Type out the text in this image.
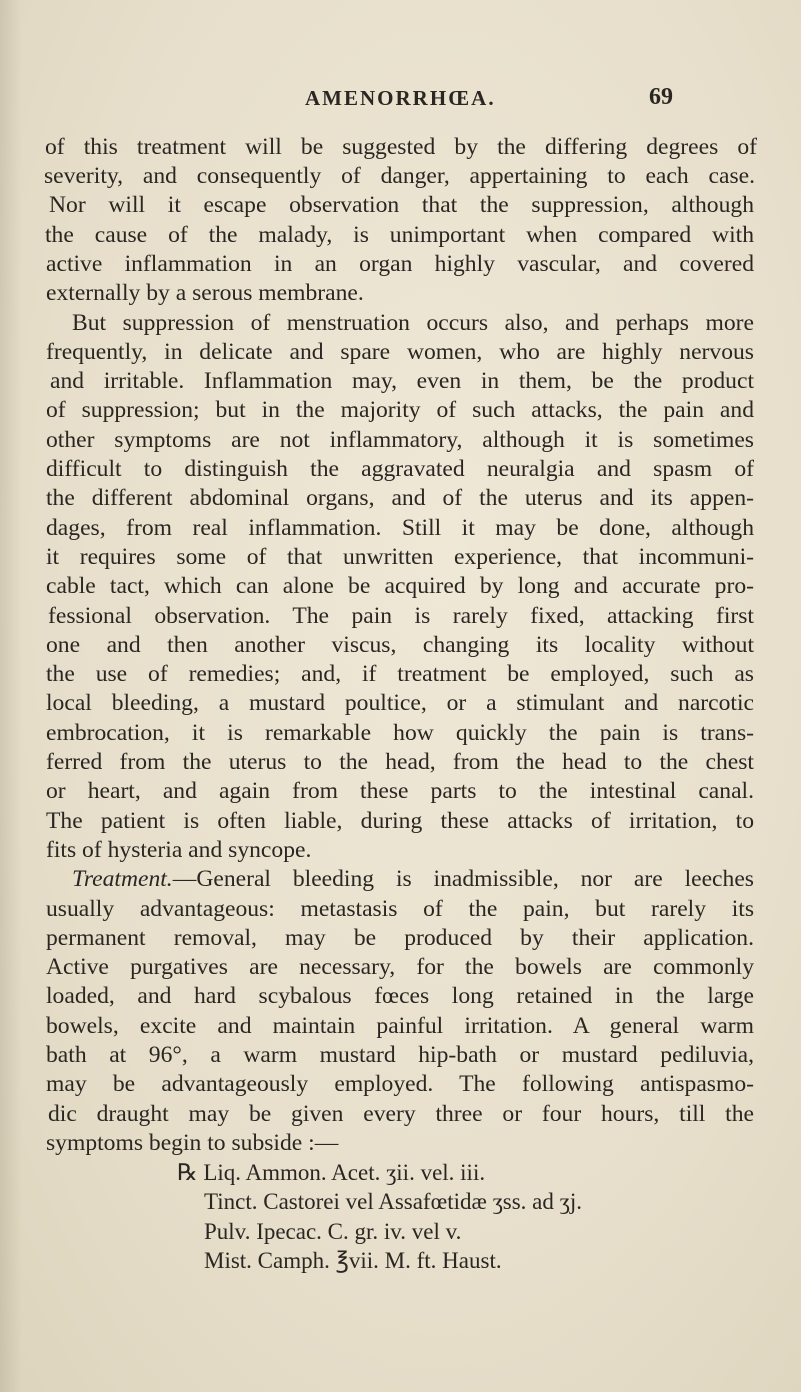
AMENORRHŒA.	69
of this treatment will be suggested by the differing degrees of
severity, and consequently of danger, appertaining to each case.
Nor will it escape observation that the suppression, although
the cause of the malady, is unimportant when compared with
active inflammation in an organ highly vascular, and covered
externally by a serous membrane.
But suppression of menstruation occurs also, and perhaps more
frequently, in delicate and spare women, who are highly nervous
and irritable. Inflammation may, even in them, be the product
of suppression; but in the majority of such attacks, the pain and
other symptoms are not inflammatory, although it is sometimes
difficult to distinguish the aggravated neuralgia and spasm of
the different abdominal organs, and of the uterus and its appen-
dages, from real inflammation. Still it may be done, although
it requires some of that unwritten experience, that incommuni-
cable tact, which can alone be acquired by long and accurate pro-
fessional observation. The pain is rarely fixed, attacking first
one and then another viscus, changing its locality without
the use of remedies; and, if treatment be employed, such as
local bleeding, a mustard poultice, or a stimulant and narcotic
embrocation, it is remarkable how quickly the pain is trans-
ferred from the uterus to the head, from the head to the chest
or heart, and again from these parts to the intestinal canal.
The patient is often liable, during these attacks of irritation, to
fits of hysteria and syncope.
Treatment.—General bleeding is inadmissible, nor are leeches
usually advantageous: metastasis of the pain, but rarely its
permanent removal, may be produced by their application.
Active purgatives are necessary, for the bowels are commonly
loaded, and hard scybalous fœces long retained in the large
bowels, excite and maintain painful irritation. A general warm
bath at 96°, a warm mustard hip-bath or mustard pediluvia,
may be advantageously employed. The following antispasmo-
dic draught may be given every three or four hours, till the
symptoms begin to subside :—
℞ Liq. Ammon. Acet. ʒii. vel. iii.
Tinct. Castorei vel Assafœtidæ ʒss. ad ʒj.
Pulv. Ipecac. C. gr. iv. vel v.
Mist. Camph. ℥vii. M. ft. Haust.
